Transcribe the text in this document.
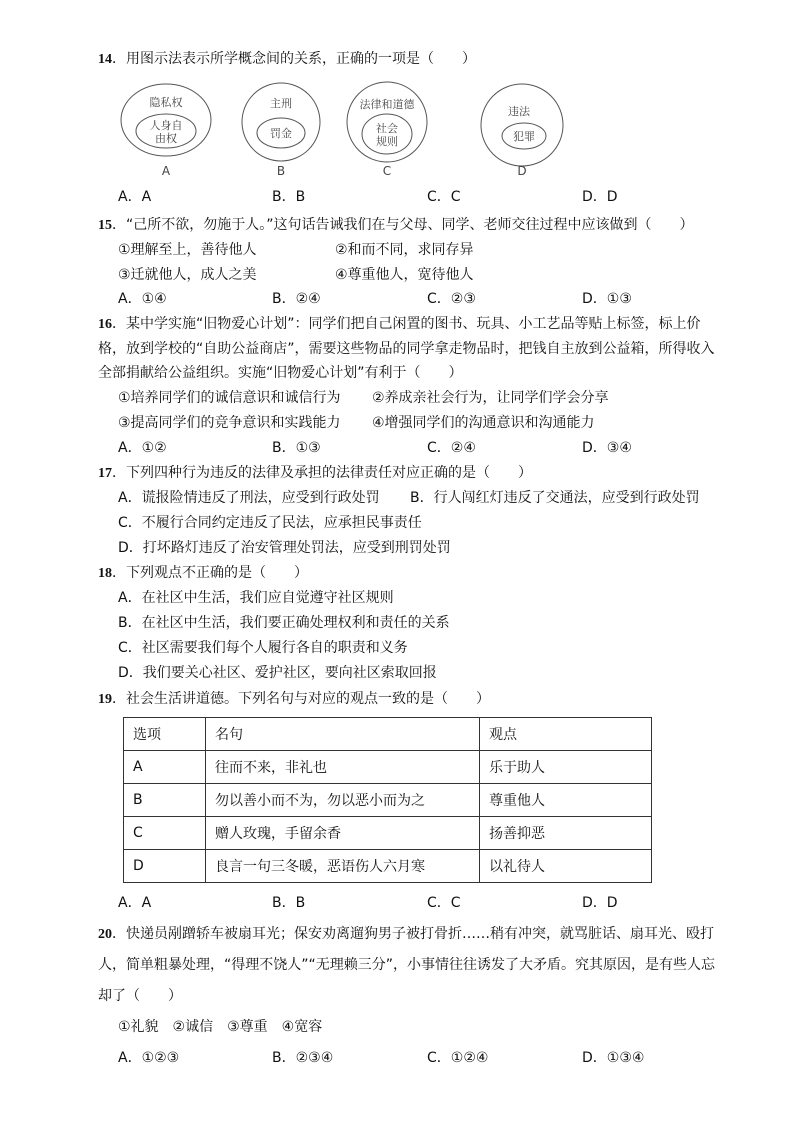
14．用图示法表示所学概念间的关系，正确的一项是（　　）
隐私权
人身自
由权
A
主刑
罚金
B
法律和道德
社会
规则
C
违法
犯罪
D
A．A	B．B	C．C	D．D
15．“己所不欲，勿施于人。”这句话告诫我们在与父母、同学、老师交往过程中应该做到（　　）
①理解至上，善待他人	②和而不同，求同存异
③迁就他人，成人之美	④尊重他人，宽待他人
A．①④	B．②④	C．②③	D．①③
16．某中学实施“旧物爱心计划”：同学们把自己闲置的图书、玩具、小工艺品等贴上标签，标上价
格，放到学校的“自助公益商店”，需要这些物品的同学拿走物品时，把钱自主放到公益箱，所得收入
全部捐献给公益组织。实施“旧物爱心计划”有利于（　　）
①培养同学们的诚信意识和诚信行为 ②养成亲社会行为，让同学们学会分享
③提高同学们的竞争意识和实践能力 ④增强同学们的沟通意识和沟通能力
A．①②	B．①③	C．②④	D．③④
17．下列四种行为违反的法律及承担的法律责任对应正确的是（　　）
A．谎报险情违反了刑法，应受到行政处罚 B．行人闯红灯违反了交通法，应受到行政处罚
C．不履行合同约定违反了民法，应承担民事责任
D．打坏路灯违反了治安管理处罚法，应受到刑罚处罚
18．下列观点不正确的是（　　）
A．在社区中生活，我们应自觉遵守社区规则
B．在社区中生活，我们要正确处理权利和责任的关系
C．社区需要我们每个人履行各自的职责和义务
D．我们要关心社区、爱护社区，要向社区索取回报
19．社会生活讲道德。下列名句与对应的观点一致的是（　　）
选项	名句	观点
A	往而不来，非礼也	乐于助人
B	勿以善小而不为，勿以恶小而为之	尊重他人
C	赠人玫瑰，手留余香	扬善抑恶
D	良言一句三冬暖，恶语伤人六月寒	以礼待人
A．A	B．B	C．C	D．D
20．快递员剐蹭轿车被扇耳光；保安劝离遛狗男子被打骨折……稍有冲突，就骂脏话、扇耳光、殴打
人，简单粗暴处理，“得理不饶人”“无理赖三分”，小事情往往诱发了大矛盾。究其原因，是有些人忘
却了（　　）
①礼貌　②诚信　③尊重　④宽容
A．①②③	B．②③④	C．①②④	D．①③④
